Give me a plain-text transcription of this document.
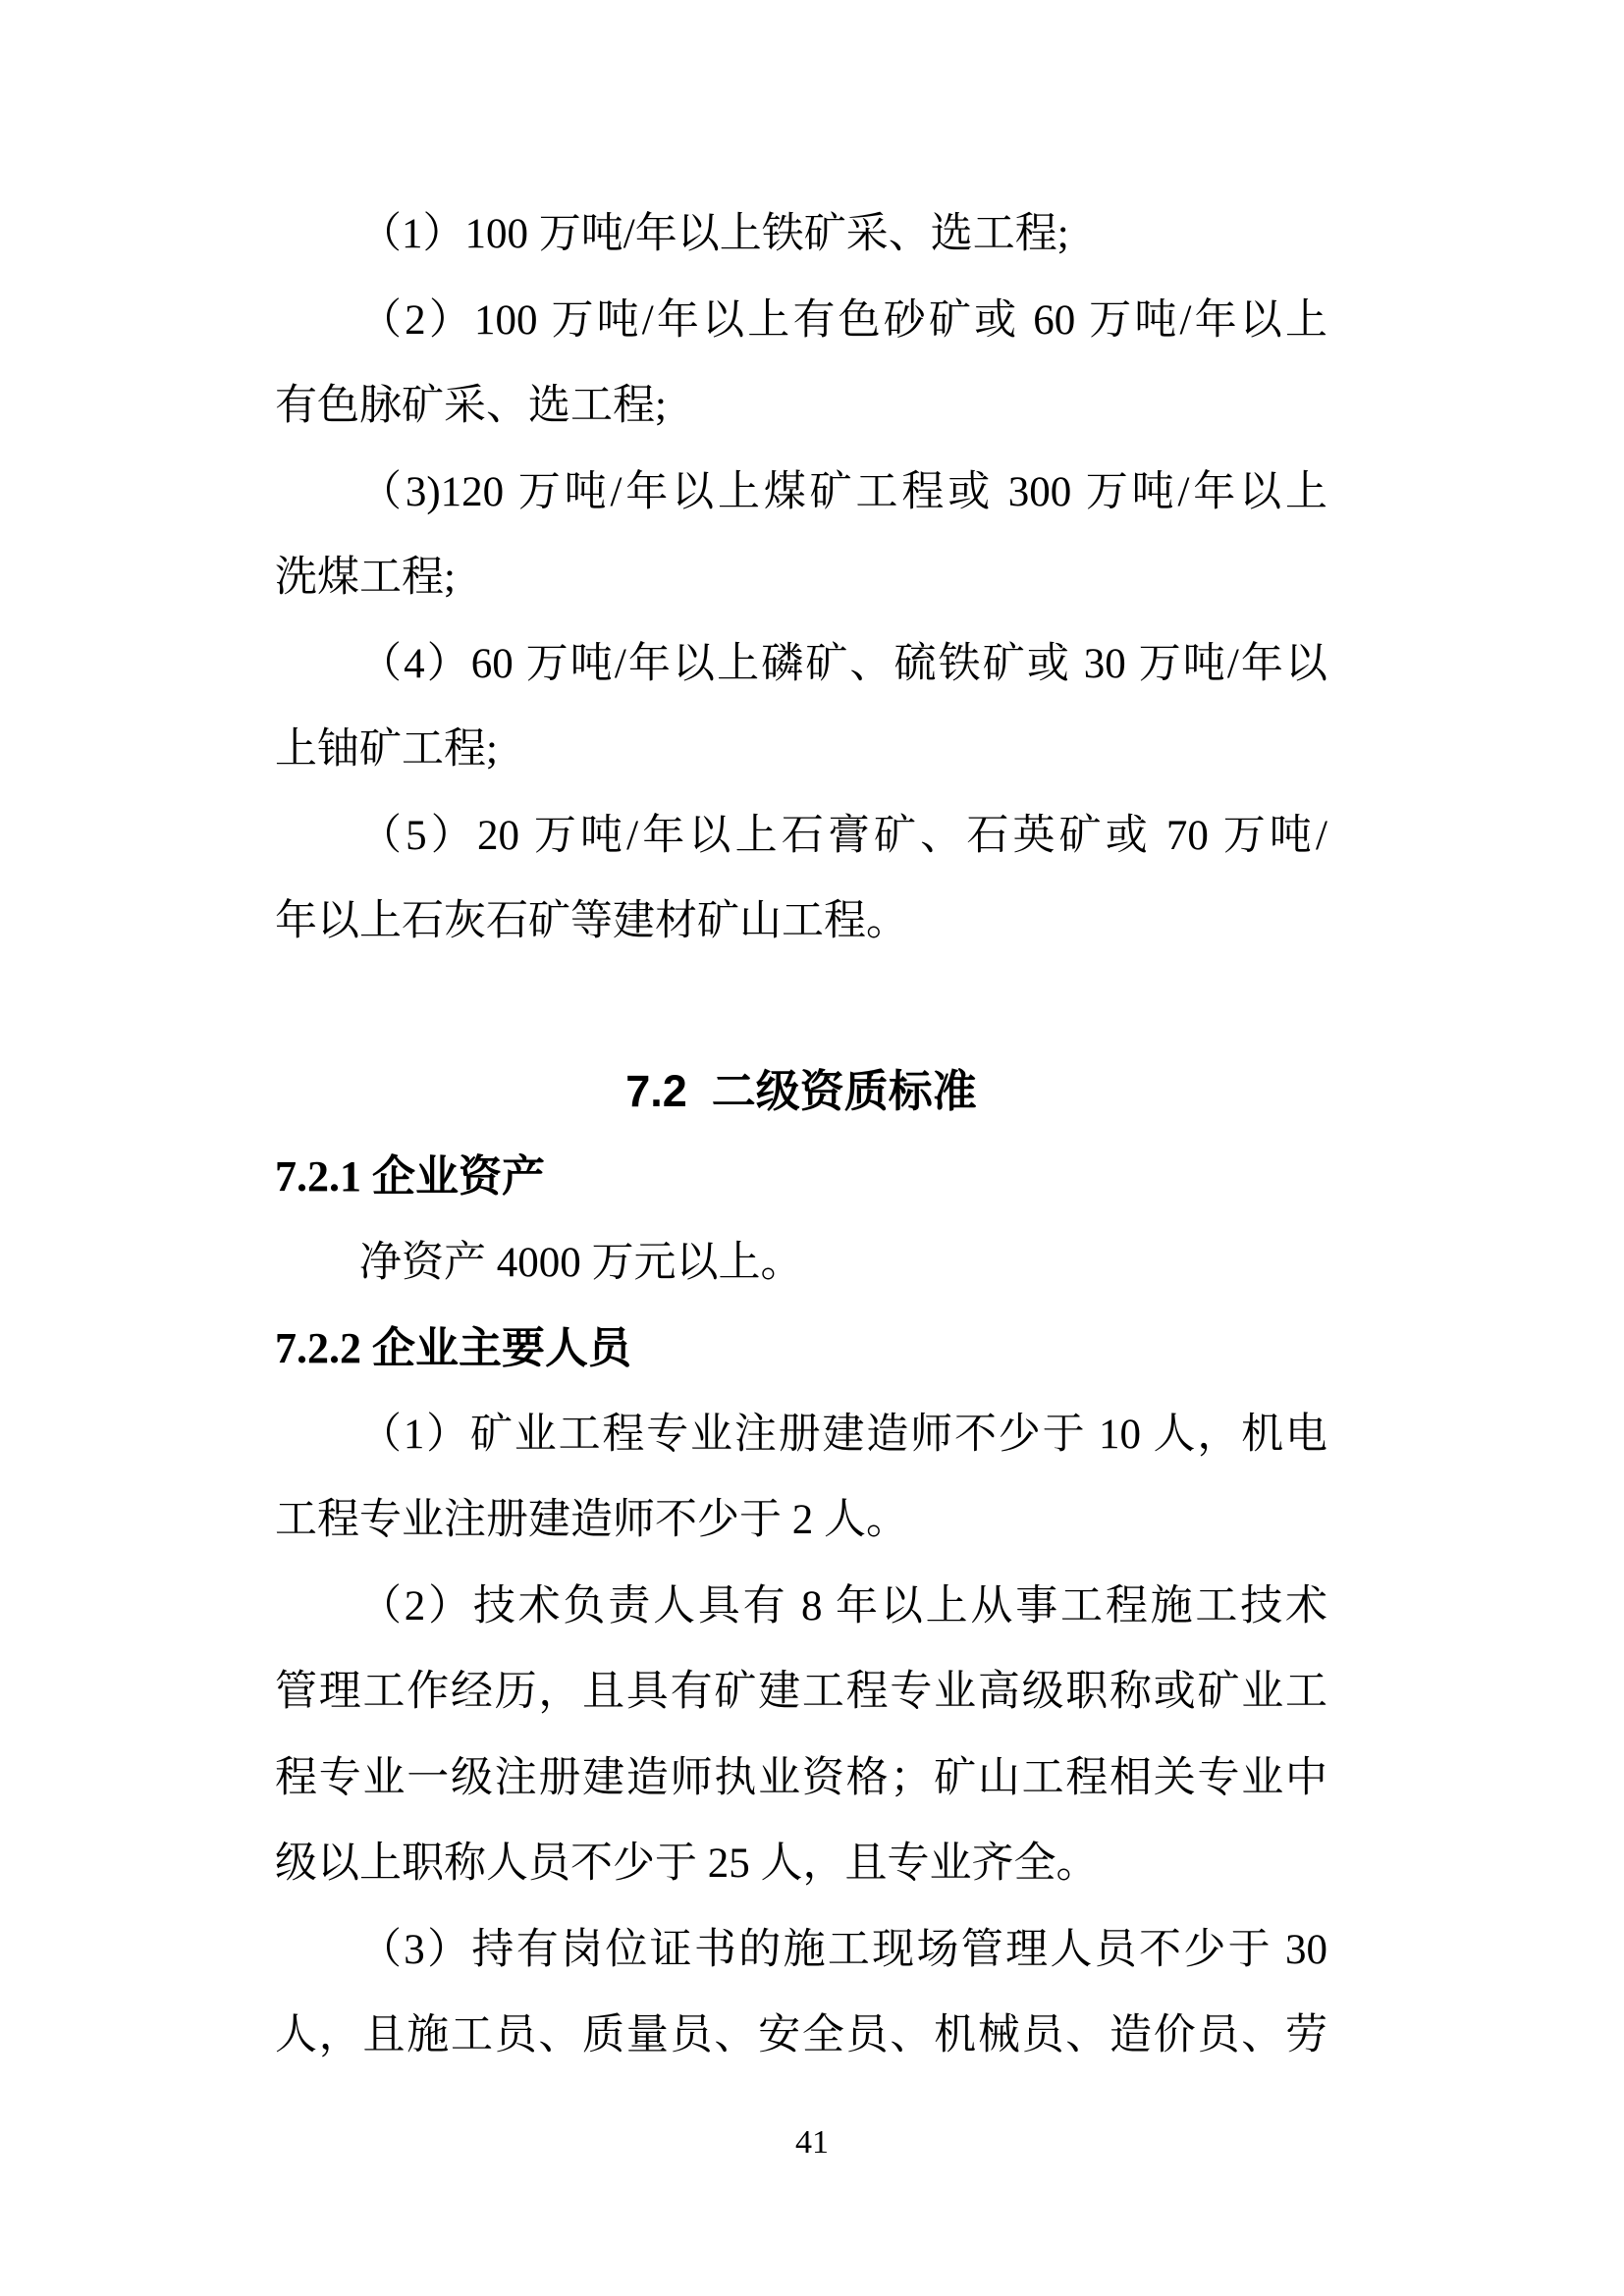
（1）100 万吨/年以上铁矿采、选工程;
（2）100 万吨/年以上有色砂矿或 60 万吨/年以上
有色脉矿采、选工程;
（3)120 万吨/年以上煤矿工程或 300 万吨/年以上
洗煤工程;
（4）60 万吨/年以上磷矿、硫铁矿或 30 万吨/年以
上铀矿工程;
（5）20 万吨/年以上石膏矿、石英矿或 70 万吨/
年以上石灰石矿等建材矿山工程。
7.2  二级资质标准
7.2.1 企业资产
净资产 4000 万元以上。
7.2.2 企业主要人员
（1）矿业工程专业注册建造师不少于 10 人，机电
工程专业注册建造师不少于 2 人。
（2）技术负责人具有 8 年以上从事工程施工技术
管理工作经历，且具有矿建工程专业高级职称或矿业工
程专业一级注册建造师执业资格；矿山工程相关专业中
级以上职称人员不少于 25 人，且专业齐全。
（3）持有岗位证书的施工现场管理人员不少于 30
人，且施工员、质量员、安全员、机械员、造价员、劳
41
